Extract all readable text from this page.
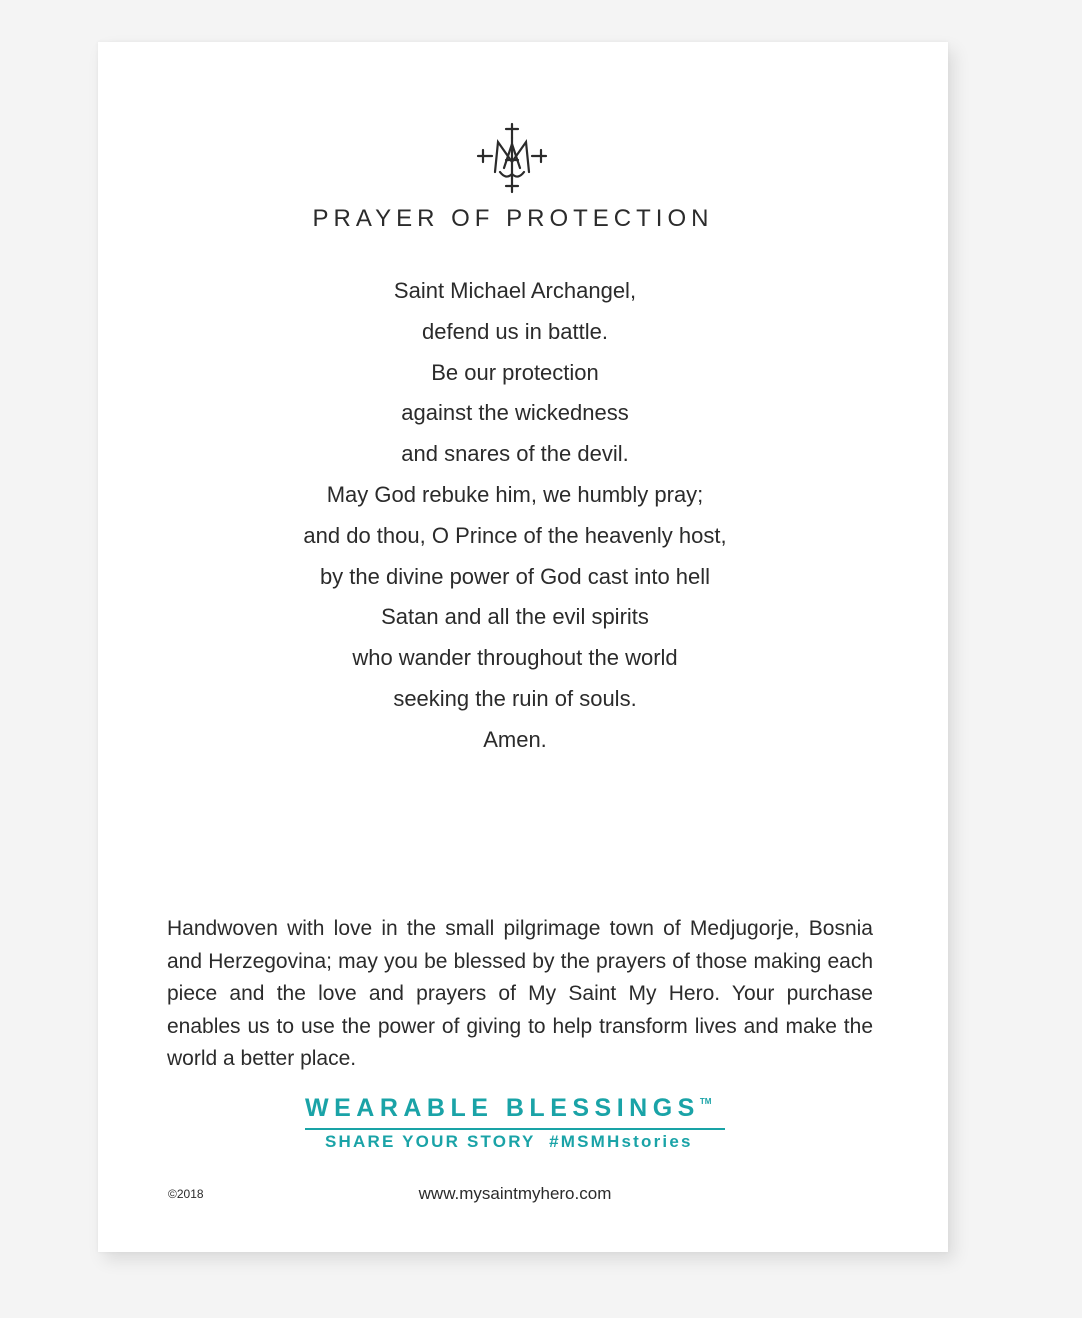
PRAYER OF PROTECTION
Saint Michael Archangel,
defend us in battle.
Be our protection
against the wickedness
and snares of the devil.
May God rebuke him, we humbly pray;
and do thou, O Prince of the heavenly host,
by the divine power of God cast into hell
Satan and all the evil spirits
who wander throughout the world
seeking the ruin of souls.
Amen.

Handwoven with love in the small pilgrimage town of Medjugorje, Bosnia and Herzegovina; may you be blessed by the prayers of those making each piece and the love and prayers of My Saint My Hero. Your purchase enables us to use the power of giving to help transform lives and make the world a better place.

WEARABLE BLESSINGS™
SHARE YOUR STORY  #MSMHstories
©2018	www.mysaintmyhero.com
